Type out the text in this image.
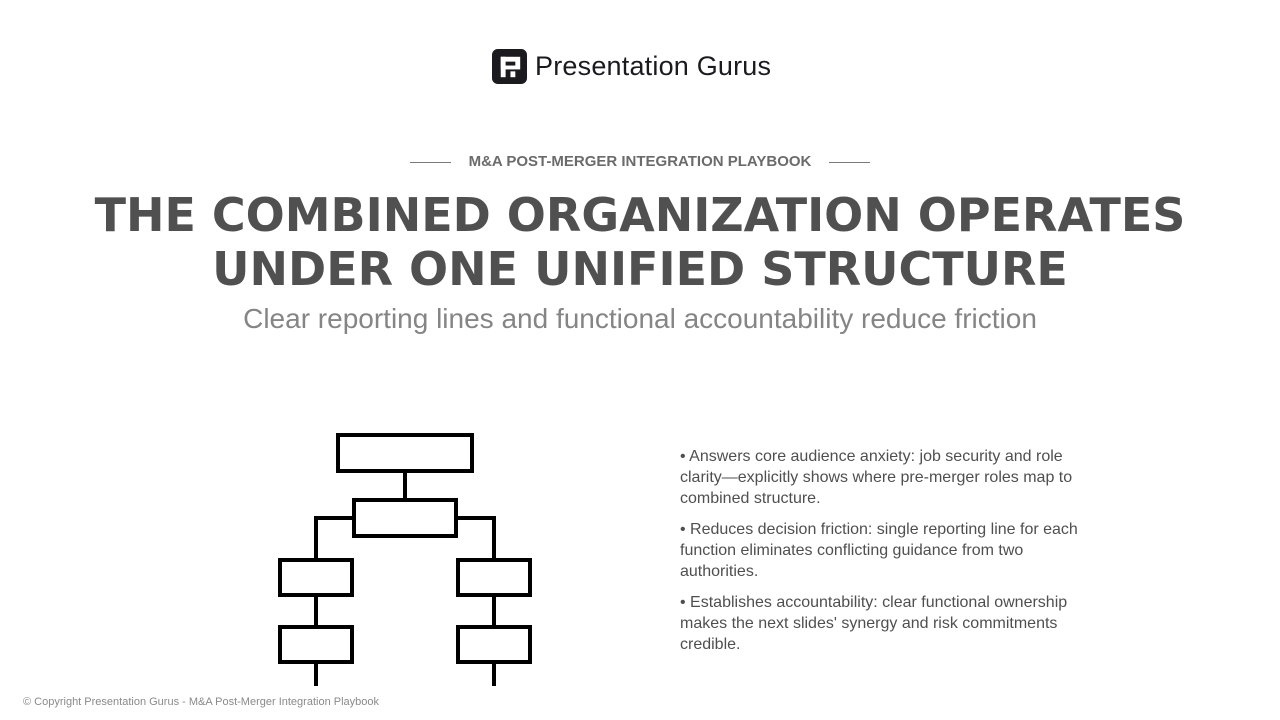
Presentation Gurus
M&A POST-MERGER INTEGRATION PLAYBOOK
THE COMBINED ORGANIZATION OPERATES
UNDER ONE UNIFIED STRUCTURE

Clear reporting lines and functional accountability reduce friction

• Answers core audience anxiety: job security and role clarity—explicitly shows where pre-merger roles map to combined structure.
• Reduces decision friction: single reporting line for each function eliminates conflicting guidance from two authorities.
• Establishes accountability: clear functional ownership makes the next slides' synergy and risk commitments credible.
© Copyright Presentation Gurus - M&A Post-Merger Integration Playbook
